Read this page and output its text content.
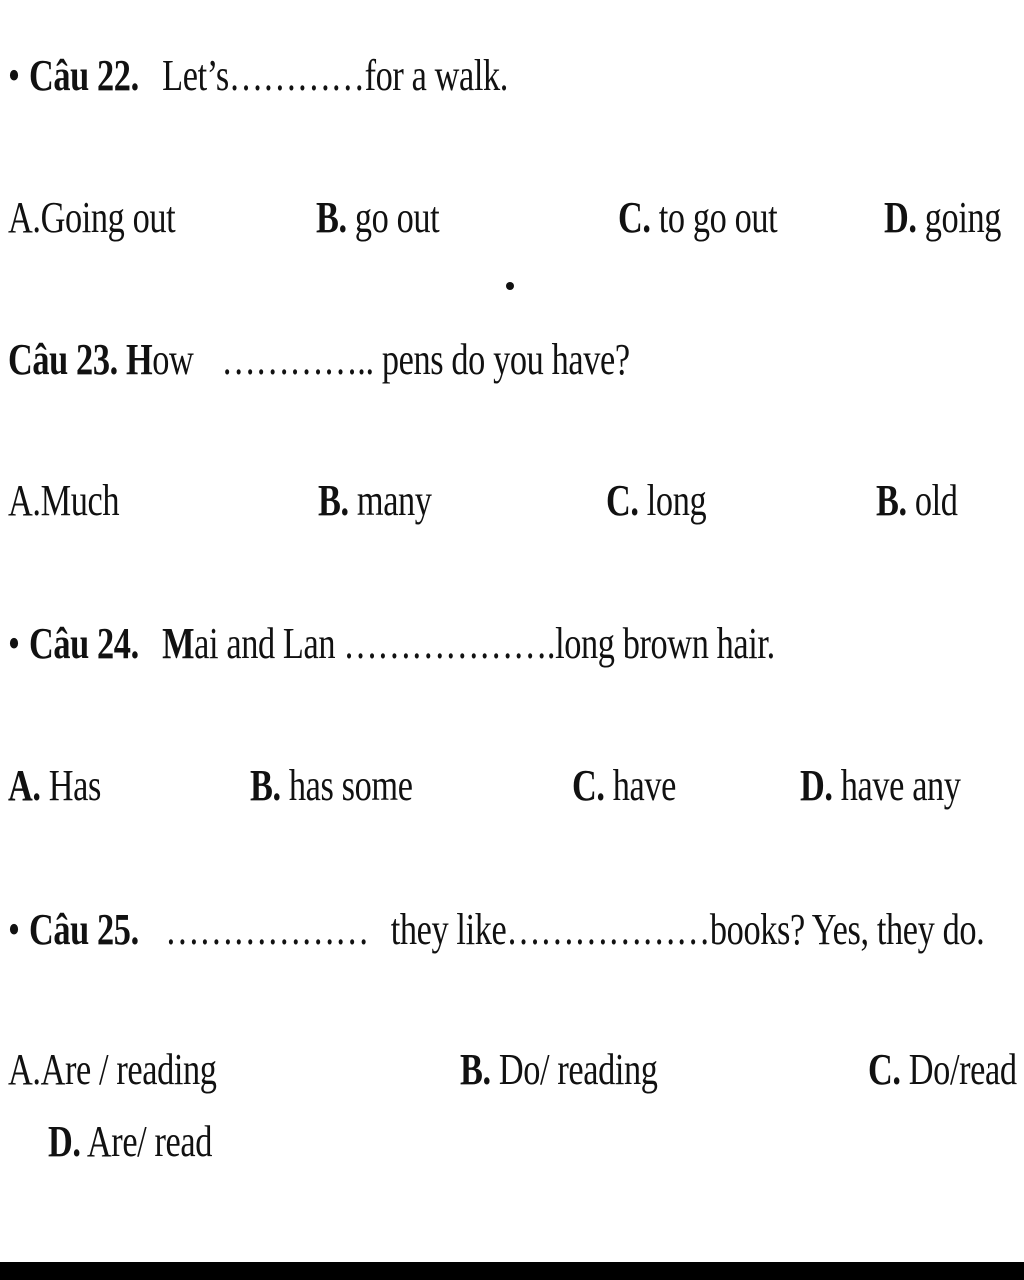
• Câu 22. Let’s…………for a walk.
A.Going out	B. go out	C. to go out D. going
Câu 23. How ………….. pens do you have?
A.Much	B. many	C. long	B. old
• Câu 24. Mai and Lan ……………….long brown hair.
A. Has	B. has some	C. have	D. have any
• Câu 25. ……………… they like………………books? Yes, they do.
A.Are / reading	B. Do/ reading	C. Do/read
D. Are/ read
